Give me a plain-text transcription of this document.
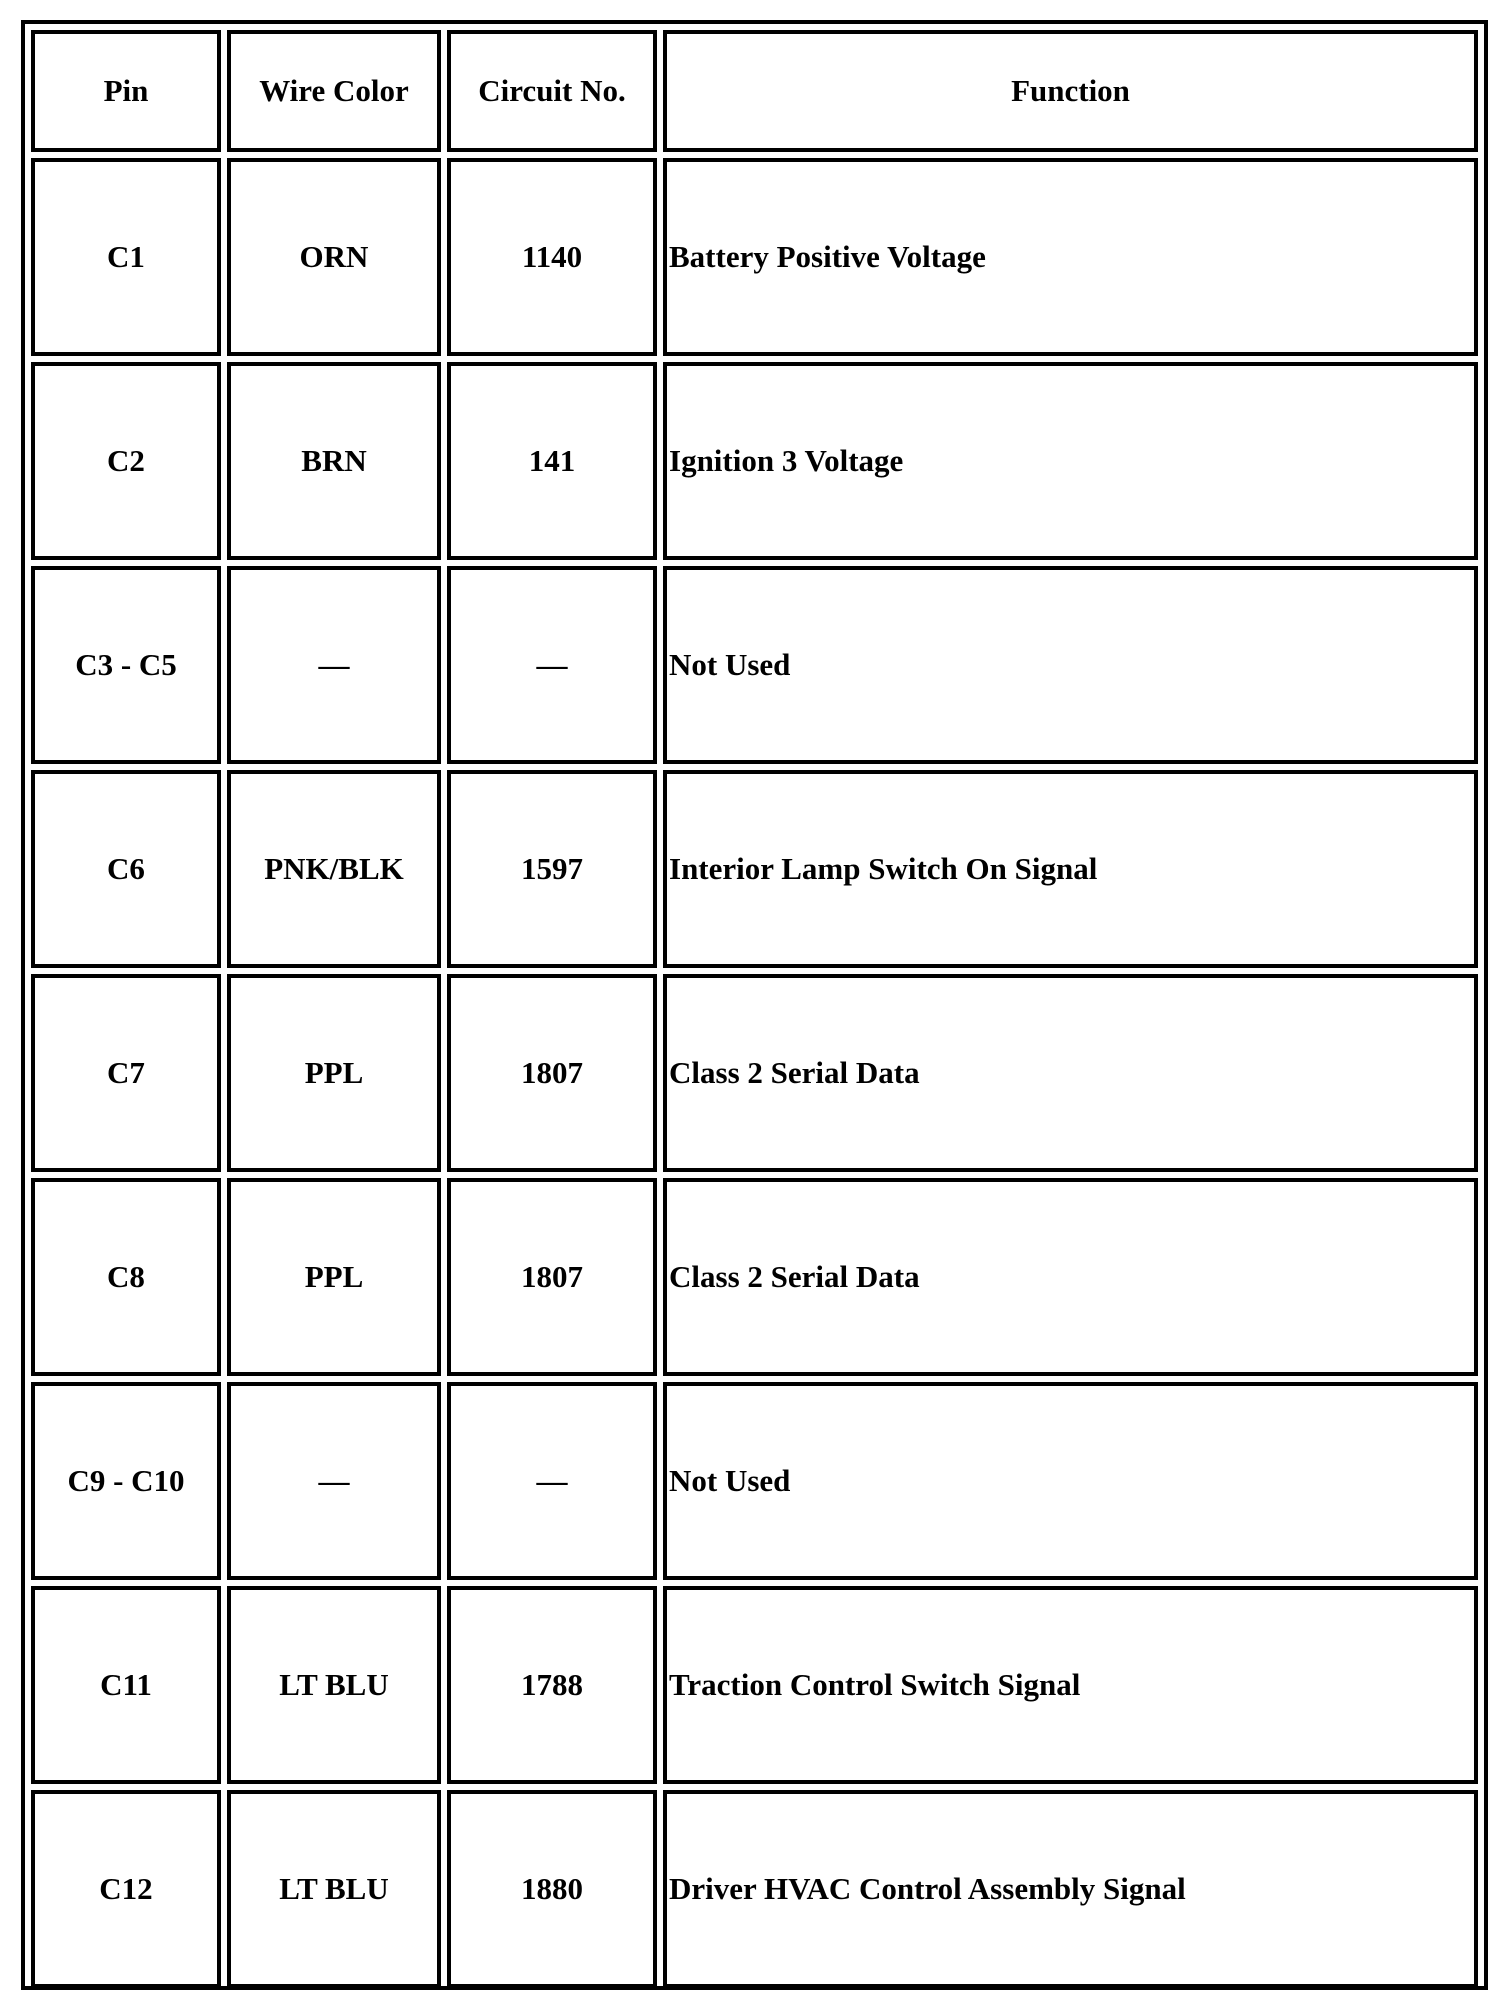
Pin	Wire Color	Circuit No.	Function
C1	ORN	1140	Battery Positive Voltage
C2	BRN	141	Ignition 3 Voltage
C3 - C5	—	—	Not Used
C6	PNK/BLK	1597	Interior Lamp Switch On Signal
C7	PPL	1807	Class 2 Serial Data
C8	PPL	1807	Class 2 Serial Data
C9 - C10	—	—	Not Used
C11	LT BLU	1788	Traction Control Switch Signal
C12	LT BLU	1880	Driver HVAC Control Assembly Signal
